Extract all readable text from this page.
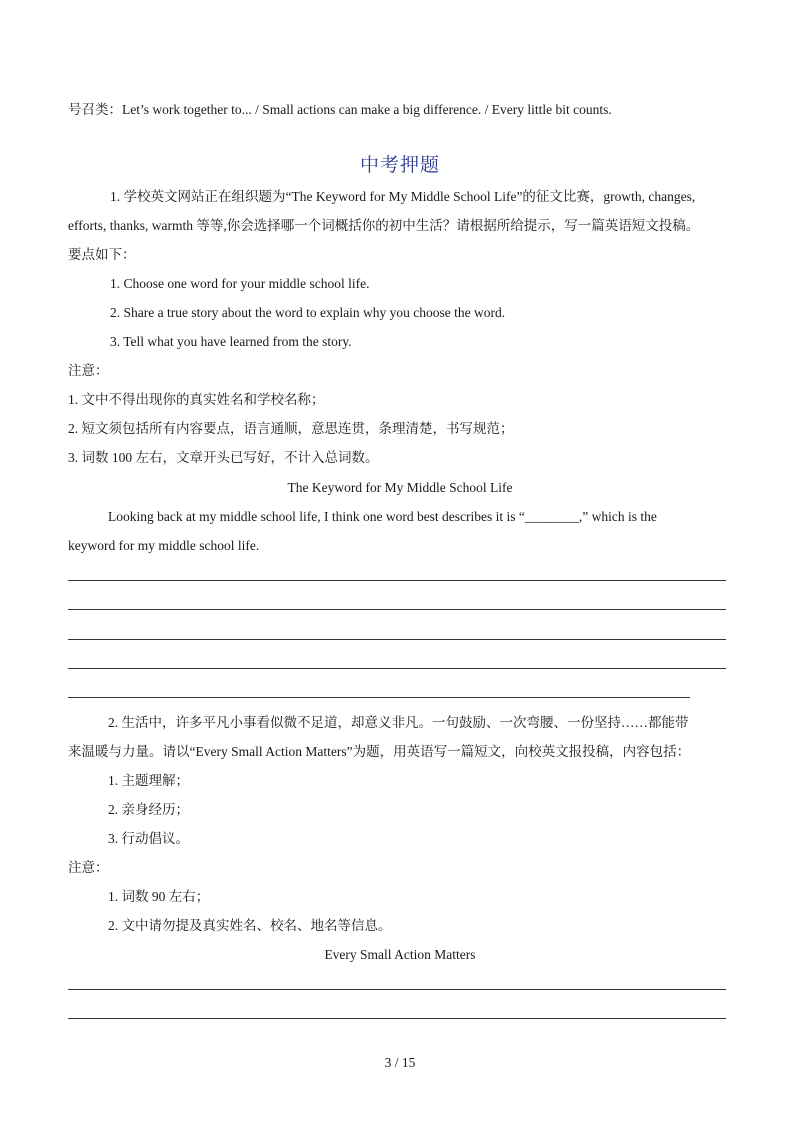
号召类：Let’s work together to... / Small actions can make a big difference. / Every little bit counts.
中考押题
1. 学校英文网站正在组织题为“The Keyword for My Middle School Life”的征文比赛，growth, changes,
efforts, thanks, warmth 等等,你会选择哪一个词概括你的初中生活？请根据所给提示，写一篇英语短文投稿。
要点如下：
1. Choose one word for your middle school life.
2. Share a true story about the word to explain why you choose the word.
3. Tell what you have learned from the story.
注意：
1. 文中不得出现你的真实姓名和学校名称；
2. 短文须包括所有内容要点，语言通顺，意思连贯，条理清楚，书写规范；
3. 词数 100 左右，文章开头已写好，不计入总词数。
The Keyword for My Middle School Life
Looking back at my middle school life, I think one word best describes it is “________,” which is the
keyword for my middle school life.
2. 生活中，许多平凡小事看似微不足道，却意义非凡。一句鼓励、一次弯腰、一份坚持……都能带
来温暖与力量。请以“Every Small Action Matters”为题，用英语写一篇短文，向校英文报投稿，内容包括：
1. 主题理解；
2. 亲身经历；
3. 行动倡议。
注意：
1. 词数 90 左右；
2. 文中请勿提及真实姓名、校名、地名等信息。
Every Small Action Matters
3 / 15
